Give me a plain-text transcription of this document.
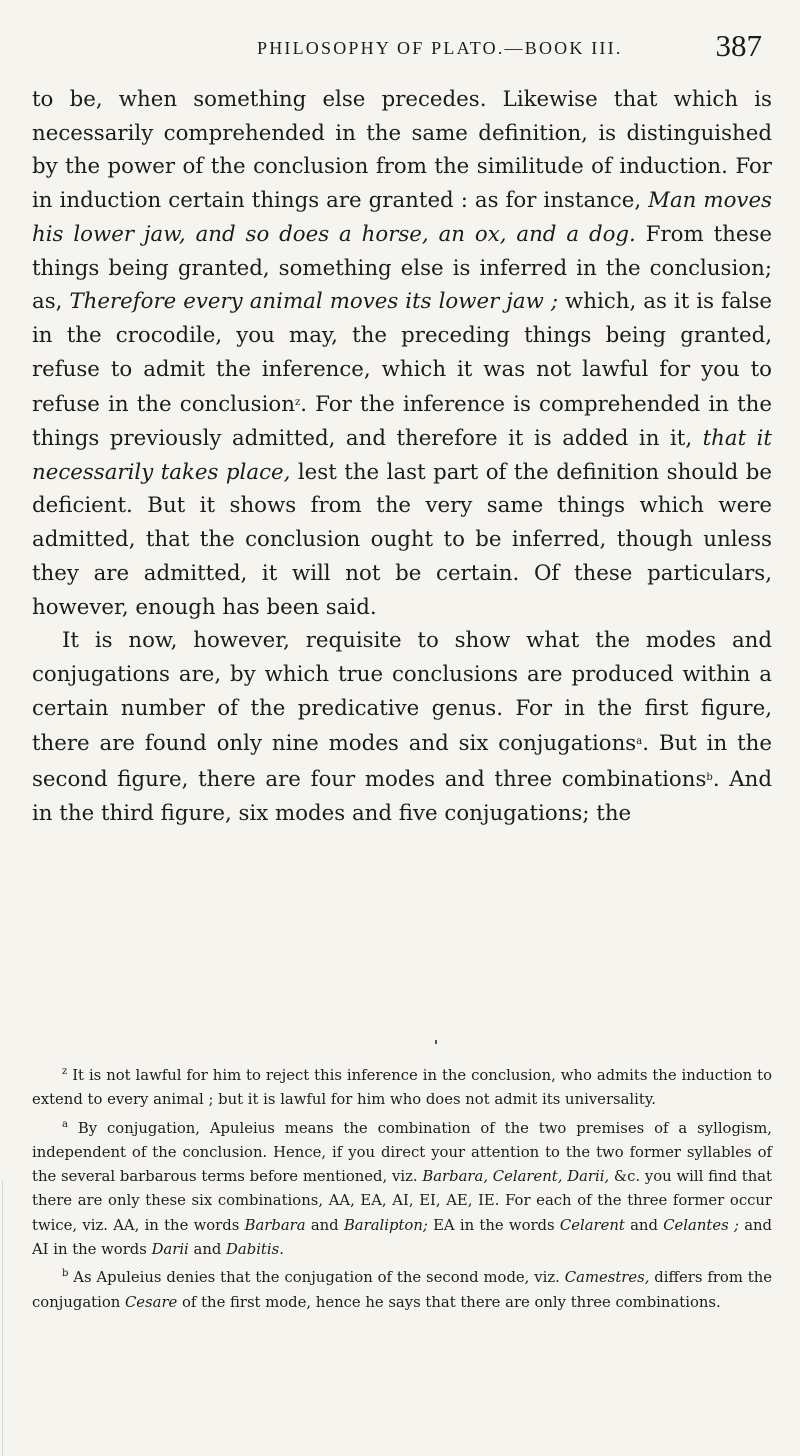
PHILOSOPHY OF PLATO.—BOOK III.	387

to be, when something else precedes. Likewise that which is necessarily comprehended in the same definition, is distinguished by the power of the conclusion from the similitude of induction. For in induction certain things are granted : as for instance, Man moves his lower jaw, and so does a horse, an ox, and a dog. From these things being granted, something else is inferred in the conclusion; as, Therefore every animal moves its lower jaw ; which, as it is false in the crocodile, you may, the preceding things being granted, refuse to admit the inference, which it was not lawful for you to refuse in the conclusion$^z$. For the inference is comprehended in the things previously admitted, and therefore it is added in it, that it necessarily takes place, lest the last part of the definition should be deficient. But it shows from the very same things which were admitted, that the conclusion ought to be inferred, though unless they are admitted, it will not be certain. Of these particulars, however, enough has been said.

It is now, however, requisite to show what the modes and conjugations are, by which true conclusions are produced within a certain number of the predicative genus. For in the first figure, there are found only nine modes and six conjugations$^a$. But in the second figure, there are four modes and three combinations$^b$. And in the third figure, six modes and five conjugations; the

$^z$ It is not lawful for him to reject this inference in the conclusion, who admits the induction to extend to every animal ; but it is lawful for him who does not admit its universality.

$^a$ By conjugation, Apuleius means the combination of the two premises of a syllogism, independent of the conclusion. Hence, if you direct your attention to the two former syllables of the several barbarous terms before mentioned, viz. Barbara, Celarent, Darii, &c. you will find that there are only these six combinations, AA, EA, AI, EI, AE, IE. For each of the three former occur twice, viz. AA, in the words Barbara and Baralipton; EA in the words Celarent and Celantes ; and AI in the words Darii and Dabitis.

$^b$ As Apuleius denies that the conjugation of the second mode, viz. Camestres, differs from the conjugation Cesare of the first mode, hence he says that there are only three combinations.
